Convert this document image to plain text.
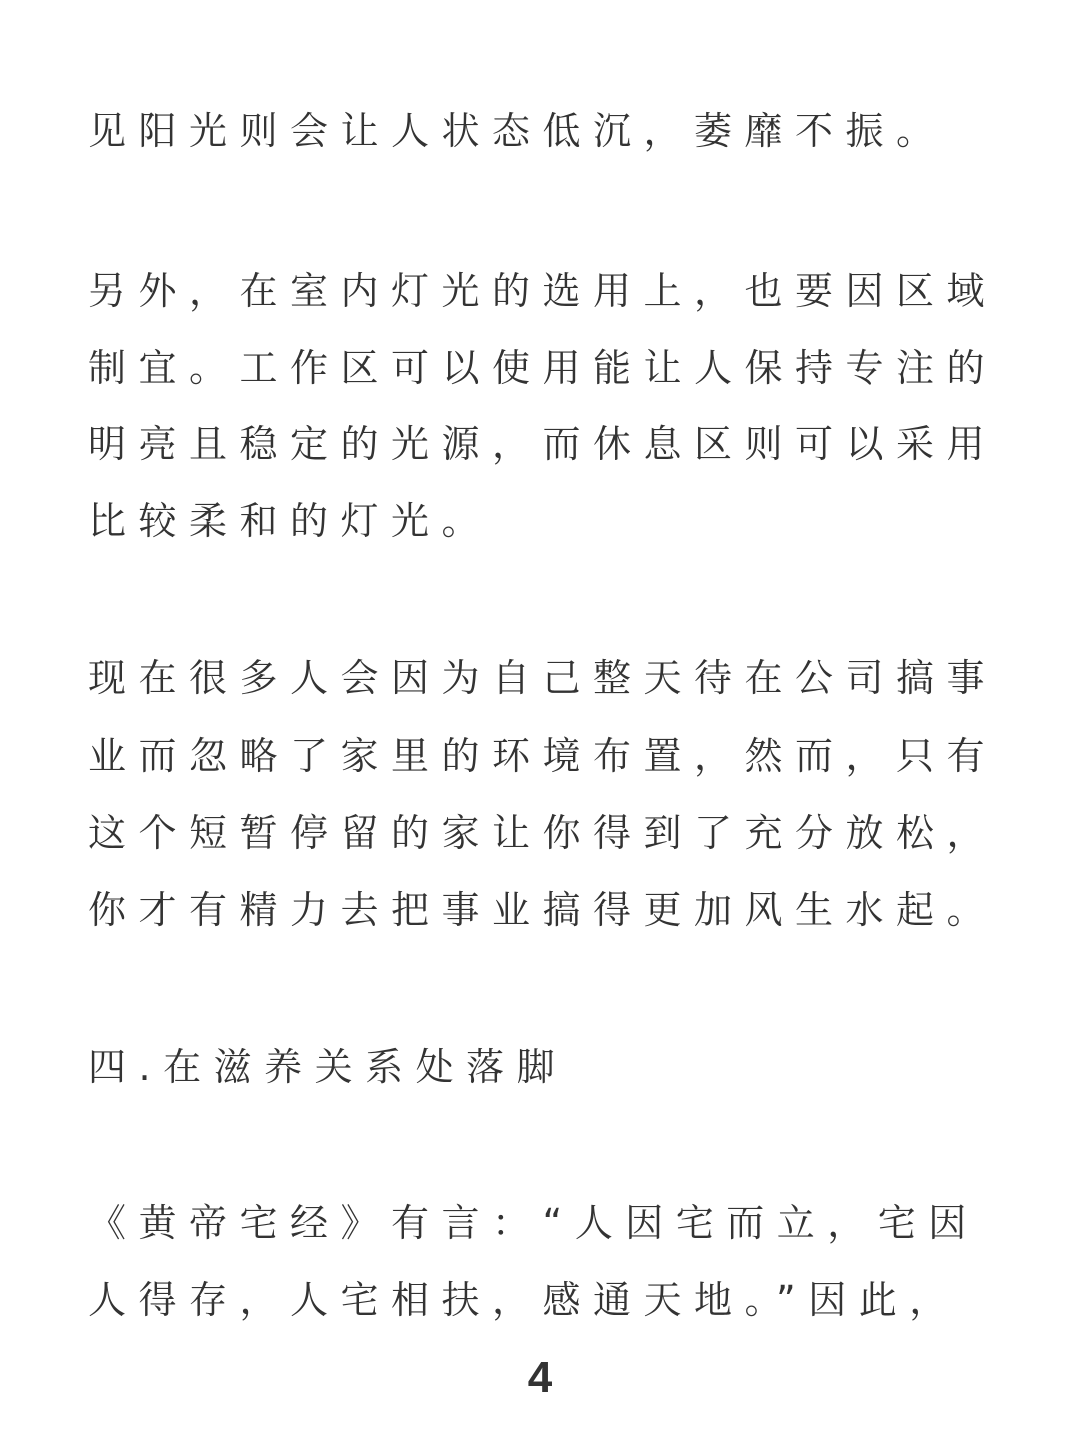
见阳光则会让人状态低沉，萎靡不振。
另外，在室内灯光的选用上，也要因区域
制宜。工作区可以使用能让人保持专注的
明亮且稳定的光源，而休息区则可以采用
比较柔和的灯光。
现在很多人会因为自己整天待在公司搞事
业而忽略了家里的环境布置，然而，只有
这个短暂停留的家让你得到了充分放松，
你才有精力去把事业搞得更加风生水起。
四.在滋养关系处落脚
《黄帝宅经》有言：“人因宅而立，宅因
人得存，人宅相扶，感通天地。”因此，
4
